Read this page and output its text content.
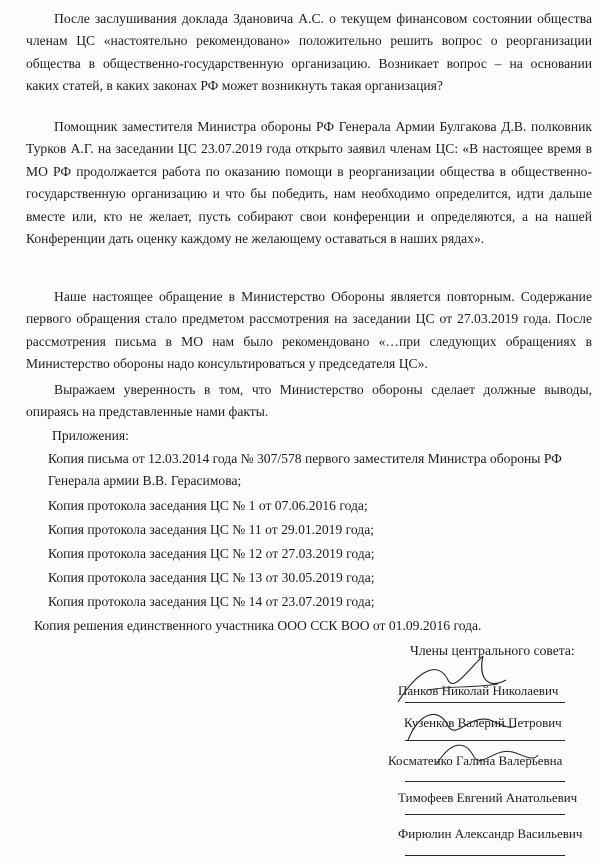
После заслушивания доклада Здановича А.С. о текущем финансовом состоянии общества членам ЦС «настоятельно рекомендовано» положительно решить вопрос о реорганизации общества в общественно-государственную организацию. Возникает вопрос – на основании каких статей, в каких законах РФ может возникнуть такая организация?

Помощник заместителя Министра обороны РФ Генерала Армии Булгакова Д.В. полковник Турков А.Г. на заседании ЦС 23.07.2019 года открыто заявил членам ЦС: «В настоящее время в МО РФ продолжается работа по оказанию помощи в реорганизации общества в общественно-государственную организацию и что бы победить, нам необходимо определится, идти дальше вместе или, кто не желает, пусть собирают свои конференции и определяются, а на нашей Конференции дать оценку каждому не желающему оставаться в наших рядах».

Наше настоящее обращение в Министерство Обороны является повторным. Содержание первого обращения стало предметом рассмотрения на заседании ЦС от 27.03.2019 года. После рассмотрения письма в МО нам было рекомендовано «…при следующих обращениях в Министерство обороны надо консультироваться у председателя ЦС».

Выражаем уверенность в том, что Министерство обороны сделает должные выводы, опираясь на представленные нами факты.

Приложения:

Копия письма от 12.03.2014 года № 307/578 первого заместителя Министра обороны РФ Генерала армии В.В. Герасимова;
Копия протокола заседания ЦС № 1 от 07.06.2016 года;
Копия протокола заседания ЦС № 11 от 29.01.2019 года;
Копия протокола заседания ЦС № 12 от 27.03.2019 года;
Копия протокола заседания ЦС № 13 от 30.05.2019 года;
Копия протокола заседания ЦС № 14 от 23.07.2019 года;
Копия решения единственного участника ООО ССК ВОО от 01.09.2016 года.

Члены центрального совета:

Панков Николай Николаевич
Кузенков Валерий Петрович
Косматенко Галина Валерьевна
Тимофеев Евгений Анатольевич
Фирюлин Александр Васильевич
